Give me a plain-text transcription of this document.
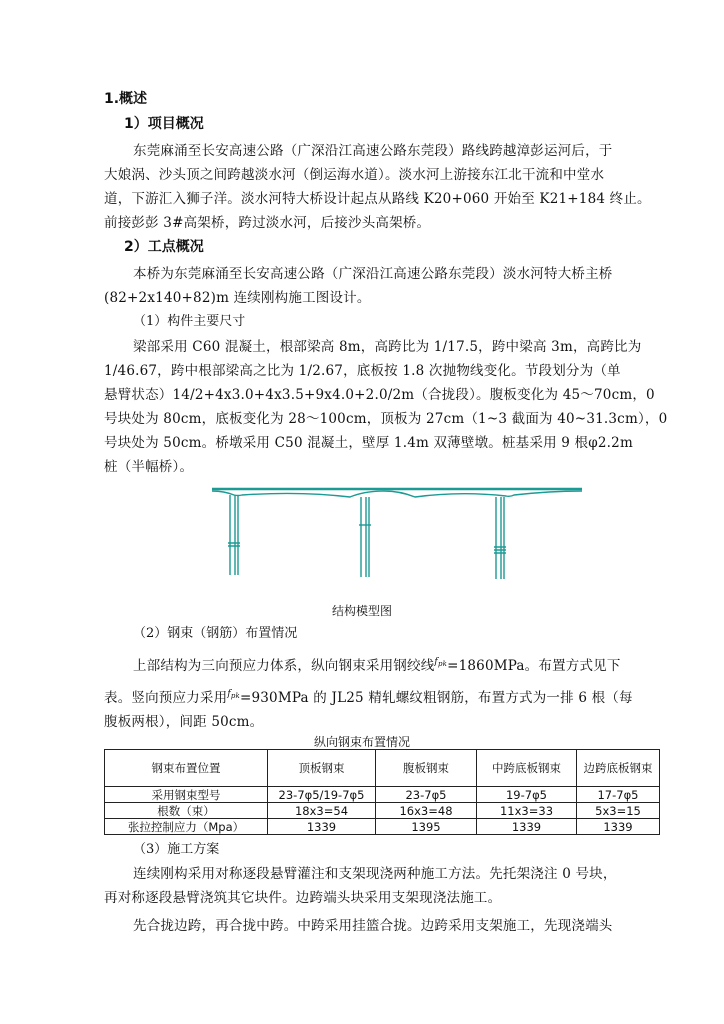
1.概述
1）项目概况
东莞麻涌至长安高速公路（广深沿江高速公路东莞段）路线跨越漳彭运河后，于
大娘涡、沙头顶之间跨越淡水河（倒运海水道）。淡水河上游接东江北干流和中堂水
道，下游汇入狮子洋。淡水河特大桥设计起点从路线 K20+060 开始至 K21+184 终止。
前接彭彭 3#高架桥，跨过淡水河，后接沙头高架桥。
2）工点概况
本桥为东莞麻涌至长安高速公路（广深沿江高速公路东莞段）淡水河特大桥主桥
(82+2x140+82)m 连续刚构施工图设计。
（1）构件主要尺寸
梁部采用 C60 混凝土，根部梁高 8m，高跨比为 1/17.5，跨中梁高 3m，高跨比为
1/46.67，跨中根部梁高之比为 1/2.67，底板按 1.8 次抛物线变化。节段划分为（单
悬臂状态）14/2+4x3.0+4x3.5+9x4.0+2.0/2m（合拢段）。腹板变化为 45～70cm，0
号块处为 80cm，底板变化为 28～100cm，顶板为 27cm（1~3 截面为 40~31.3cm），0
号块处为 50cm。桥墩采用 C50 混凝土，壁厚 1.4m 双薄壁墩。桩基采用 9 根φ2.2m
桩（半幅桥）。
结构模型图
（2）钢束（钢筋）布置情况
上部结构为三向预应力体系，纵向钢束采用钢绞线$^{f_{pk}}$=1860MPa。布置方式见下
表。竖向预应力采用$^{f_{pk}}$=930MPa 的 JL25 精轧螺纹粗钢筋，布置方式为一排 6 根（每
腹板两根），间距 50cm。
纵向钢束布置情况
钢束布置位置	顶板钢束	腹板钢束	中跨底板钢束	边跨底板钢束
采用钢束型号	23-7φ5/19-7φ5	23-7φ5	19-7φ5	17-7φ5
根数（束）	18x3=54	16x3=48	11x3=33	5x3=15
张拉控制应力（Mpa）	1339	1395	1339	1339
（3）施工方案
连续刚构采用对称逐段悬臂灌注和支架现浇两种施工方法。先托架浇注 0 号块，
再对称逐段悬臂浇筑其它块件。边跨端头块采用支架现浇法施工。
先合拢边跨，再合拢中跨。中跨采用挂篮合拢。边跨采用支架施工，先现浇端头
